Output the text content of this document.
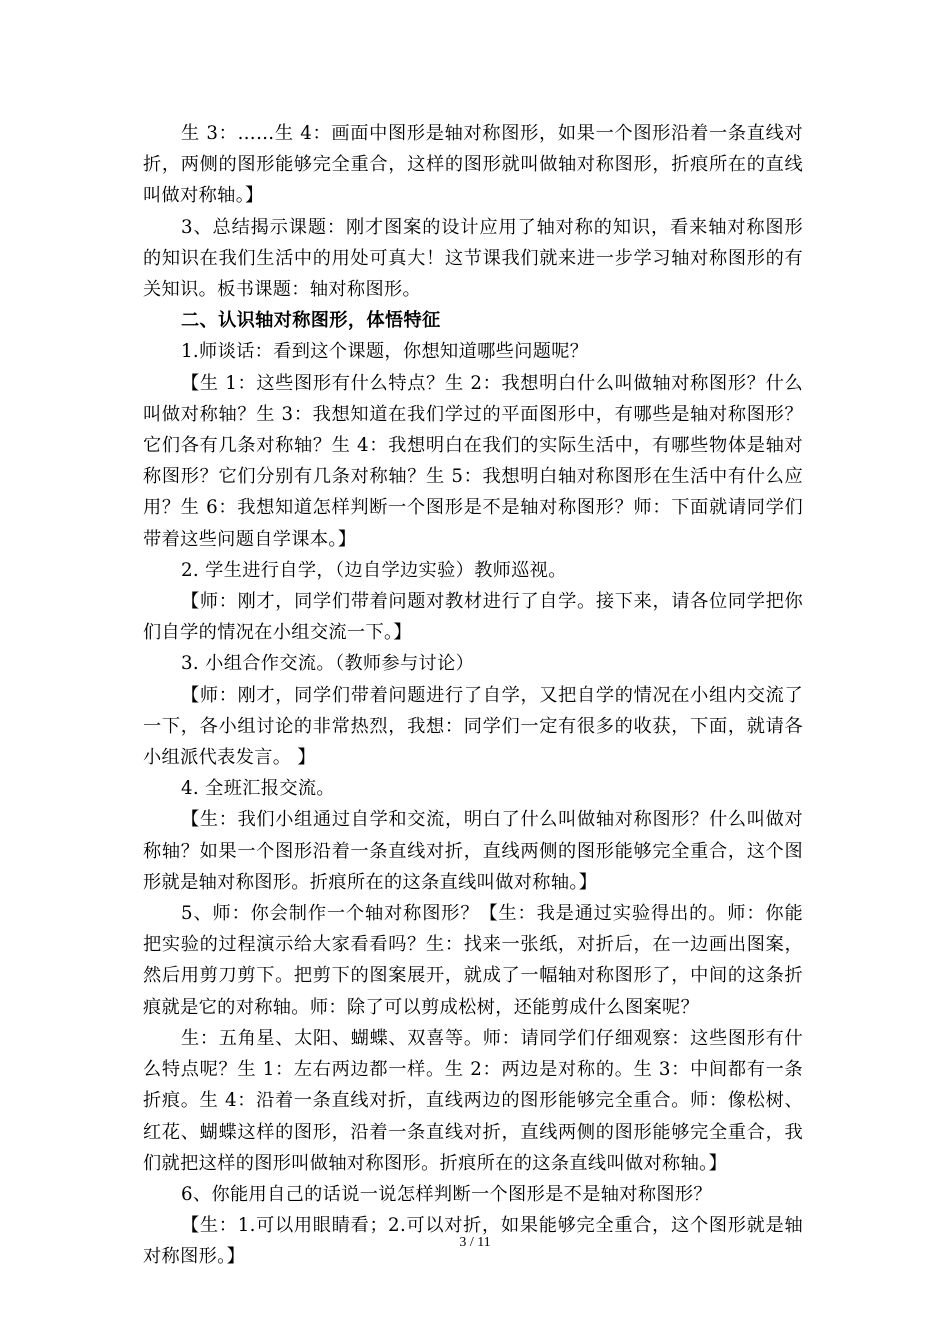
生 3：……生 4：画面中图形是轴对称图形，如果一个图形沿着一条直线对折，两侧的图形能够完全重合，这样的图形就叫做轴对称图形，折痕所在的直线叫做对称轴。】

3、总结揭示课题：刚才图案的设计应用了轴对称的知识，看来轴对称图形的知识在我们生活中的用处可真大！这节课我们就来进一步学习轴对称图形的有关知识。板书课题：轴对称图形。

二、认识轴对称图形，体悟特征

1.师谈话：看到这个课题，你想知道哪些问题呢？

【生 1：这些图形有什么特点？生 2：我想明白什么叫做轴对称图形？什么叫做对称轴？生 3：我想知道在我们学过的平面图形中，有哪些是轴对称图形？它们各有几条对称轴？生 4：我想明白在我们的实际生活中，有哪些物体是轴对称图形？它们分别有几条对称轴？生 5：我想明白轴对称图形在生活中有什么应用？生 6：我想知道怎样判断一个图形是不是轴对称图形？师：下面就请同学们带着这些问题自学课本。】

2. 学生进行自学，（边自学边实验）教师巡视。

【师：刚才，同学们带着问题对教材进行了自学。接下来，请各位同学把你们自学的情况在小组交流一下。】

3. 小组合作交流。（教师参与讨论）

【师：刚才，同学们带着问题进行了自学，又把自学的情况在小组内交流了一下，各小组讨论的非常热烈，我想：同学们一定有很多的收获，下面，就请各小组派代表发言。 】

4. 全班汇报交流。

【生：我们小组通过自学和交流，明白了什么叫做轴对称图形？什么叫做对称轴？如果一个图形沿着一条直线对折，直线两侧的图形能够完全重合，这个图形就是轴对称图形。折痕所在的这条直线叫做对称轴。】

5、师：你会制作一个轴对称图形？【生：我是通过实验得出的。师：你能把实验的过程演示给大家看看吗？生：找来一张纸，对折后，在一边画出图案，然后用剪刀剪下。把剪下的图案展开，就成了一幅轴对称图形了，中间的这条折痕就是它的对称轴。师：除了可以剪成松树，还能剪成什么图案呢？

生：五角星、太阳、蝴蝶、双喜等。师：请同学们仔细观察：这些图形有什么特点呢？生 1：左右两边都一样。生 2：两边是对称的。生 3：中间都有一条折痕。生 4：沿着一条直线对折，直线两边的图形能够完全重合。师：像松树、红花、蝴蝶这样的图形，沿着一条直线对折，直线两侧的图形能够完全重合，我们就把这样的图形叫做轴对称图形。折痕所在的这条直线叫做对称轴。】

6、你能用自己的话说一说怎样判断一个图形是不是轴对称图形？

【生：1.可以用眼睛看；2.可以对折，如果能够完全重合，这个图形就是轴对称图形。】

3 / 11
